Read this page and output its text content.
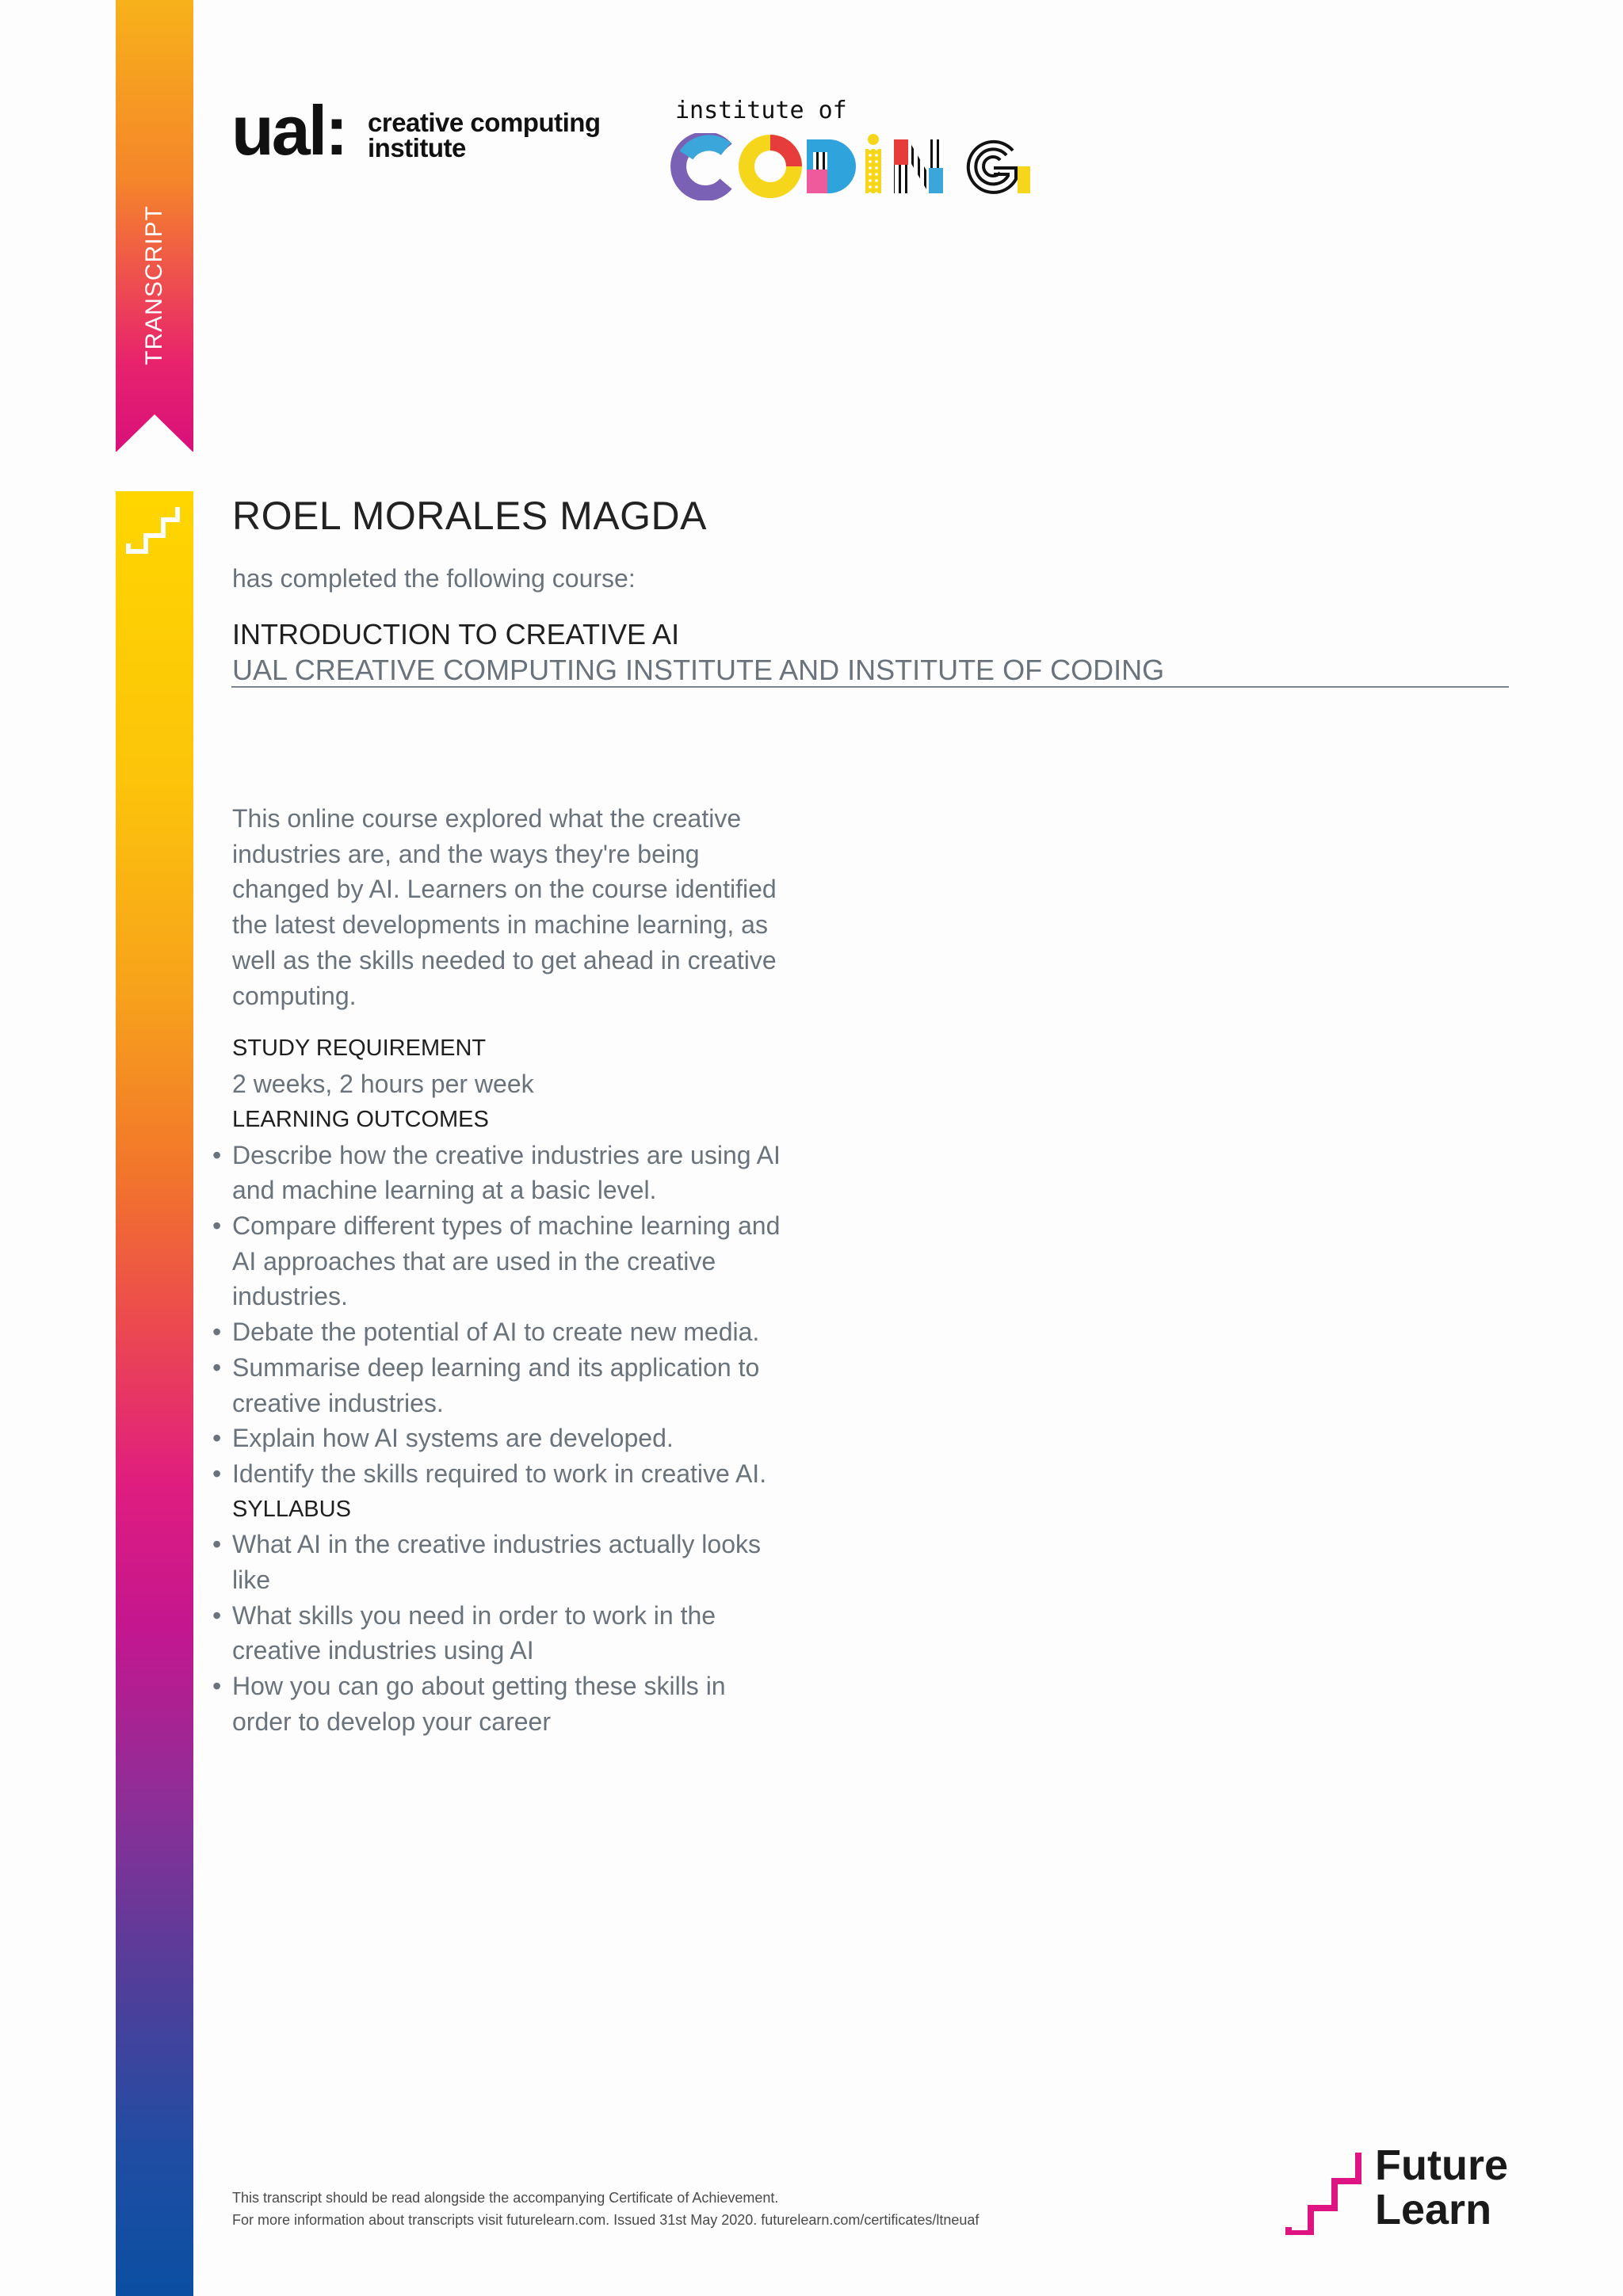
TRANSCRIPT
ual: creative computing
institute
institute of
ROEL MORALES MAGDA
has completed the following course:
INTRODUCTION TO CREATIVE AI
UAL CREATIVE COMPUTING INSTITUTE AND INSTITUTE OF CODING

This online course explored what the creative
industries are, and the ways they're being
changed by AI. Learners on the course identified
the latest developments in machine learning, as
well as the skills needed to get ahead in creative
computing.

STUDY REQUIREMENT
2 weeks, 2 hours per week
LEARNING OUTCOMES
• Describe how the creative industries are using AI
and machine learning at a basic level.
• Compare different types of machine learning and
AI approaches that are used in the creative
industries.
• Debate the potential of AI to create new media.
• Summarise deep learning and its application to
creative industries.
• Explain how AI systems are developed.
• Identify the skills required to work in creative AI.
SYLLABUS
• What AI in the creative industries actually looks
like
• What skills you need in order to work in the
creative industries using AI
• How you can go about getting these skills in
order to develop your career
This transcript should be read alongside the accompanying Certificate of Achievement.
For more information about transcripts visit futurelearn.com. Issued 31st May 2020. futurelearn.com/certificates/ltneuaf
Future
Learn
